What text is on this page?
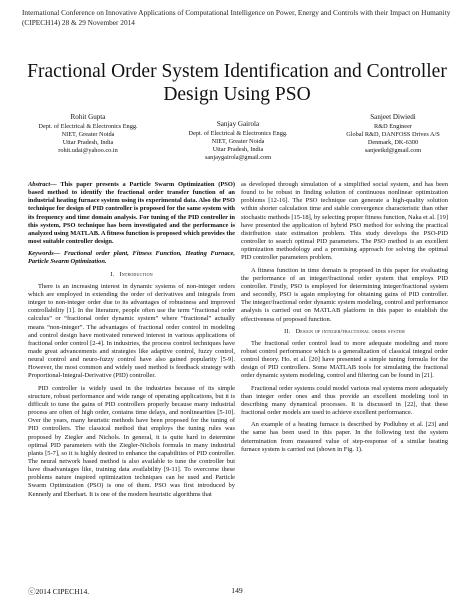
International Conference on Innovative Applications of Computational Intelligence on Power, Energy and Controls with their Impact on Humanity (CIPECH14) 28 & 29 November 2014
Fractional Order System Identification and Controller Design Using PSO
Rohit Gupta
Dept. of Electrical & Electronics Engg.
NIET, Greater Noida
Uttar Pradesh, India
rohit.udai@yahoo.co.in
Sanjay Gairola
Dept. of Electrical & Electronics Engg.
NIET, Greater Noida
Uttar Pradesh, India
sanjaygairola@gmail.com
Sanjeet Diwiedi
R&D Engineer
Global R&D, DANFOSS Drives A/S
Denmark, DK-6300
sanjeetkd@gmail.com
Abstract— This paper presents a Particle Swarm Optimization (PSO) based method to identify the fractional order transfer function of an industrial heating furnace system using its experimental data. Also the PSO technique for design of PID controller is proposed for the same system with its frequency and time domain analysis. For tuning of the PID controller in this system, PSO technique has been investigated and the performance is analyzed using MATLAB. A fitness function is proposed which provides the most suitable controller design.
Keywords— Fractional order plant, Fitness Function, Heating Furnace, Particle Swarm Optimization.
I. Introduction
There is an increasing interest in dynamic systems of non-integer orders which are employed in extending the order of derivatives and integrals from integer to non-integer order due to its advantages of robustness and improved controllability [1]. In the literature, people often use the term “fractional order calculus” or “fractional order dynamic system” where “fractional” actually means “non-integer”. The advantages of fractional order control in modeling and control design have motivated renewed interest in various applications of fractional order control [2-4]. In industries, the process control techniques have made great advancements and strategies like adaptive control, fuzzy control, neural control and neuro-fuzzy control have also gained popularity [5-9]. However, the most common and widely used method is feedback strategy with Proportional-Integral-Derivative (PID) controller.
PID controller is widely used in the industries because of its simple structure, robust performance and wide range of operating applications, but it is difficult to tune the gains of PID controllers properly because many industrial process are often of high order, contains time delays, and nonlinearities [5-10]. Over the years, many heuristic methods have been proposed for the tuning of PID controllers. The classical method that employs the tuning rules was proposed by Ziegler and Nichols. In general, it is quite hard to determine optimal PID parameters with the Ziegler-Nichols formula in many industrial plants [5-7], so it is highly desired to enhance the capabilities of PID controller. The neural network based method is also available to tune the controller but have disadvantages like, training data availability [9-11]. To overcome these problems nature inspired optimization techniques can be used and Particle Swarm Optimization (PSO) is one of them. PSO was first introduced by Kennedy and Eberhart. It is one of the modern heuristic algorithms that
as developed through simulation of a simplified social system, and has been found to be robust in finding solution of continuous nonlinear optimization problems [12-16]. The PSO technique can generate a high-quality solution within shorter calculation time and stable convergence characteristic than other stochastic methods [15-18], by selecting proper fitness function, Naka et al. [19] have presented the application of hybrid PSO method for solving the practical distribution state estimation problem. This study develops the PSO-PID controller to search optimal PID parameters. The PSO method is an excellent optimization methodology and a promising approach for solving the optimal PID controller parameters problem.
A fitness function in time domain is proposed in this paper for evaluating the performance of an integer/fractional order system that employs PID controller. Firstly, PSO is employed for determining integer/fractional system and secondly, PSO is again employing for obtaining gains of PID controller. The integer/fractional order dynamic system modeling, control and performance analysis is carried out on MATLAB platform in this paper to establish the effectiveness of proposed function.
II. Design of integer/fractional order system
The fractional order control lead to more adequate modeling and more robust control performance which is a generalization of classical integral order control theory. Ho. et al. [20] have presented a simple tuning formula for the design of PID controllers. Some MATLAB tools for simulating the fractional order dynamic system modeling, control and filtering can be found in [21].
Fractional order systems could model various real systems more adequately than integer order ones and thus provide an excellent modeling tool in describing many dynamical processes. It is discussed in [22], that these fractional order models are used to achieve excellent performance.
An example of a heating furnace is described by Podlubny et al. [23] and the same has been used in this paper. In the following text the system determination from measured value of step-response of a similar heating furnace system is carried out (shown in Fig. 1).
ⓒ2014 CIPECH14.	149
